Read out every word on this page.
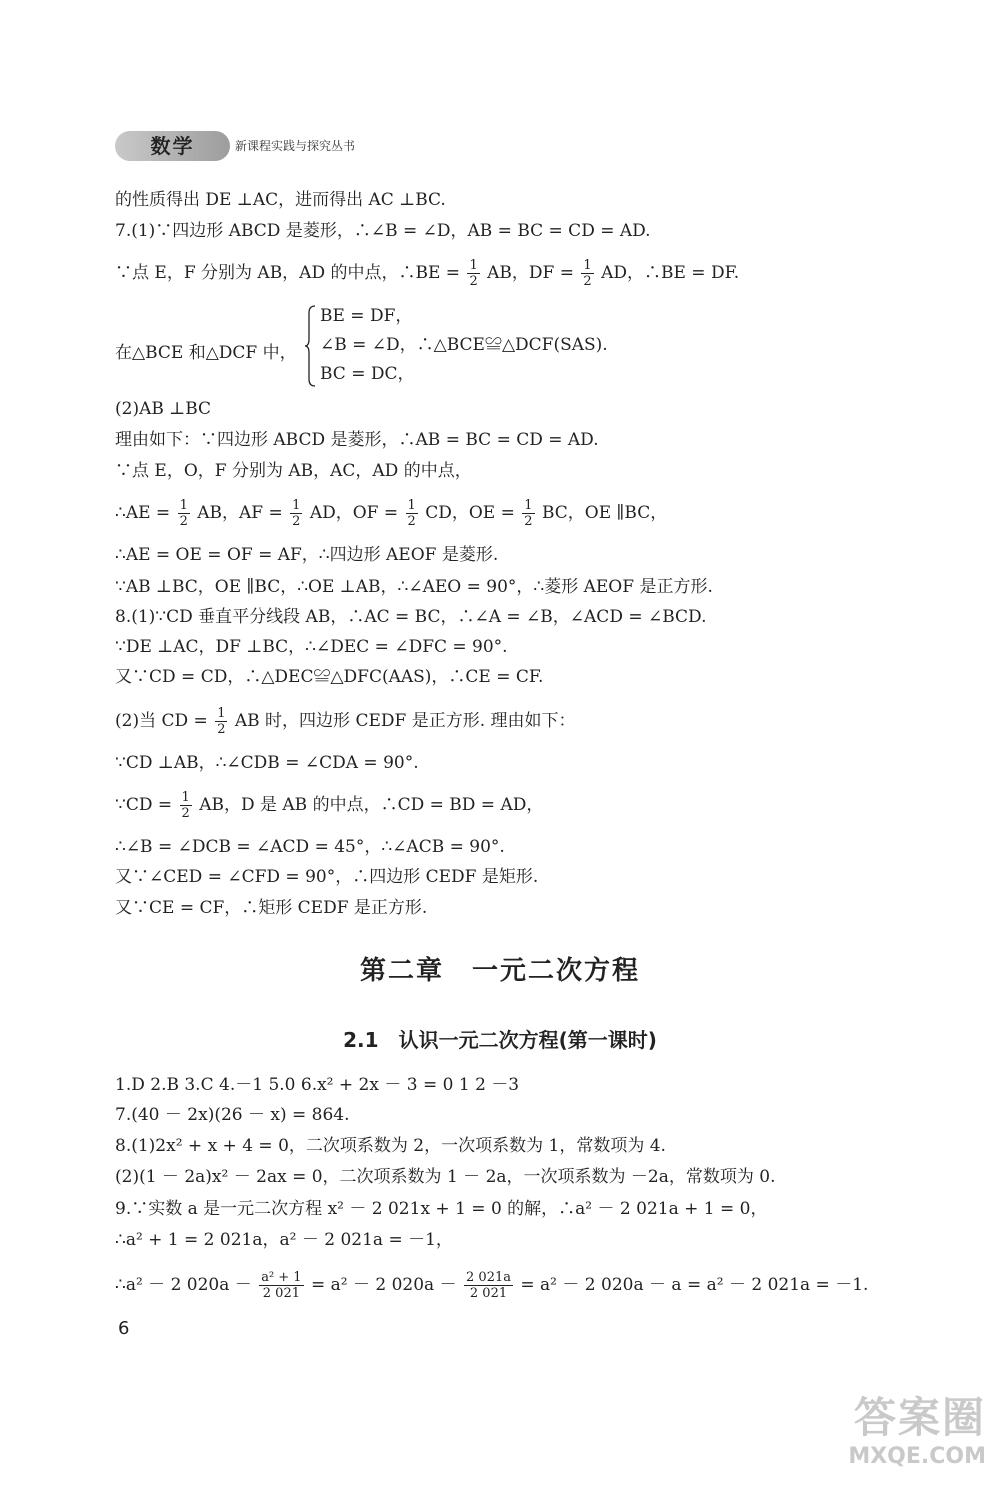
数学	新课程实践与探究丛书
的性质得出 DE ⊥AC，进而得出 AC ⊥BC.
7.(1)∵四边形 ABCD 是菱形，∴∠B = ∠D，AB = BC = CD = AD.
∵点 E，F 分别为 AB，AD 的中点，∴BE = $\frac{1}{2}$ AB，DF = $\frac{1}{2}$ AD，∴BE = DF.
在△BCE 和△DCF 中，
BE = DF，
∠B = ∠D，∴△BCE≌△DCF(SAS).
BC = DC，
(2)AB ⊥BC
理由如下：∵四边形 ABCD 是菱形，∴AB = BC = CD = AD.
∵点 E，O，F 分别为 AB，AC，AD 的中点，
∴AE = $\frac{1}{2}$ AB，AF = $\frac{1}{2}$ AD，OF = $\frac{1}{2}$ CD，OE = $\frac{1}{2}$ BC，OE ∥BC，
∴AE = OE = OF = AF，∴四边形 AEOF 是菱形.
∵AB ⊥BC，OE ∥BC，∴OE ⊥AB，∴∠AEO = 90°，∴菱形 AEOF 是正方形.
8.(1)∵CD 垂直平分线段 AB，∴AC = BC，∴∠A = ∠B，∠ACD = ∠BCD.
∵DE ⊥AC，DF ⊥BC，∴∠DEC = ∠DFC = 90°.
又∵CD = CD，∴△DEC≌△DFC(AAS)，∴CE = CF.
(2)当 CD = $\frac{1}{2}$ AB 时，四边形 CEDF 是正方形. 理由如下：
∵CD ⊥AB，∴∠CDB = ∠CDA = 90°.
∵CD = $\frac{1}{2}$ AB，D 是 AB 的中点，∴CD = BD = AD，
∴∠B = ∠DCB = ∠ACD = 45°，∴∠ACB = 90°.
又∵∠CED = ∠CFD = 90°，∴四边形 CEDF 是矩形.
又∵CE = CF，∴矩形 CEDF 是正方形.
第二章　一元二次方程
2.1　认识一元二次方程(第一课时)
1.D 2.B 3.C 4.－1 5.0 6.x² + 2x － 3 = 0 1 2 －3
7.(40 － 2x)(26 － x) = 864.
8.(1)2x² + x + 4 = 0，二次项系数为 2，一次项系数为 1，常数项为 4.
(2)(1 － 2a)x² － 2ax = 0，二次项系数为 1 － 2a，一次项系数为 －2a，常数项为 0.
9.∵实数 a 是一元二次方程 x² － 2 021x + 1 = 0 的解，∴a² － 2 021a + 1 = 0，
∴a² + 1 = 2 021a，a² － 2 021a = －1，
∴a² － 2 $020a - \frac{\text{a² + 1}}{2 021} = a^2 - 2$ $020a - \frac{2 021a}{2 021} = a^2 - 2$ 020a － a = a² － 2 021a = －1.
6
答案圈
MXQE.COM
